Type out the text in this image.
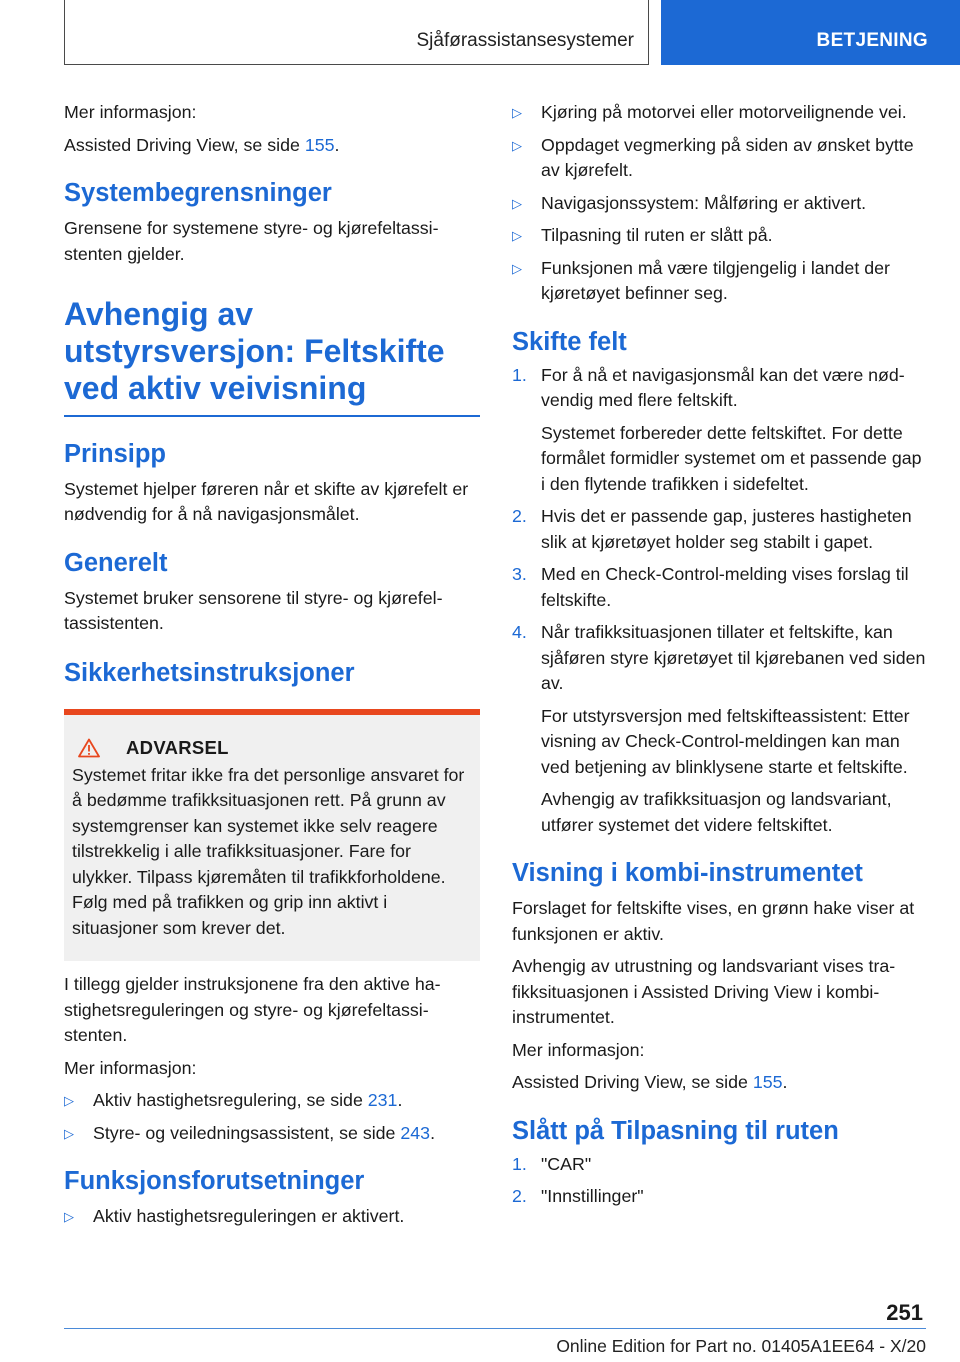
Sjåførassistansesystemer	BETJENING

Mer informasjon:

Assisted Driving View, se side 155.

Systembegrensninger

Grensene for systemene styre- og kjørefeltassistenten gjelder.

Avhengig av
utstyrsversjon: Feltskifte
ved aktiv veivisning
Prinsipp

Systemet hjelper føreren når et skifte av kjørefelt er nødvendig for å nå navigasjonsmålet.

Generelt

Systemet bruker sensorene til styre- og kjørefeltassistenten.

Sikkerhetsinstruksjoner
ADVARSEL

Systemet fritar ikke fra det personlige ansvaret for å bedømme trafikksituasjonen rett. På grunn av systemgrenser kan systemet ikke selv reagere tilstrekkelig i alle trafikksituasjoner. Fare for ulykker. Tilpass kjøremåten til trafikkforholdene. Følg med på trafikken og grip inn aktivt i situasjoner som krever det.

I tillegg gjelder instruksjonene fra den aktive hastighetsreguleringen og styre- og kjørefeltassistenten.

Mer informasjon:

▷ Aktiv hastighetsregulering, se side 231.
▷ Styre- og veiledningsassistent, se side 243.
Funksjonsforutsetninger
▷ Aktiv hastighetsreguleringen er aktivert.
▷ Kjøring på motorvei eller motorveilignende vei.
▷ Oppdaget vegmerking på siden av ønsket bytte av kjørefelt.
▷ Navigasjonssystem: Målføring er aktivert.
▷ Tilpasning til ruten er slått på.
▷ Funksjonen må være tilgjengelig i landet der kjøretøyet befinner seg.
Skifte felt
1. For å nå et navigasjonsmål kan det være nødvendig med flere feltskift.

Systemet forbereder dette feltskiftet. For dette formålet formidler systemet om et passende gap i den flytende trafikken i sidefeltet.

2. Hvis det er passende gap, justeres hastigheten slik at kjøretøyet holder seg stabilt i gapet.
3. Med en Check-Control-melding vises forslag til feltskifte.
4. Når trafikksituasjonen tillater et feltskifte, kan sjåføren styre kjøretøyet til kjørebanen ved siden av.

For utstyrsversjon med feltskifteassistent: Etter visning av Check-Control-meldingen kan man ved betjening av blinklysene starte et feltskifte.

Avhengig av trafikksituasjon og landsvariant, utfører systemet det videre feltskiftet.

Visning i kombi-instrumentet

Forslaget for feltskifte vises, en grønn hake viser at funksjonen er aktiv.

Avhengig av utrustning og landsvariant vises trafikksituasjonen i Assisted Driving View i kombiinstrumentet.

Mer informasjon:

Assisted Driving View, se side 155.

Slått på Tilpasning til ruten
1. "CAR"
2. "Innstillinger"
251
Online Edition for Part no. 01405A1EE64 - X/20
